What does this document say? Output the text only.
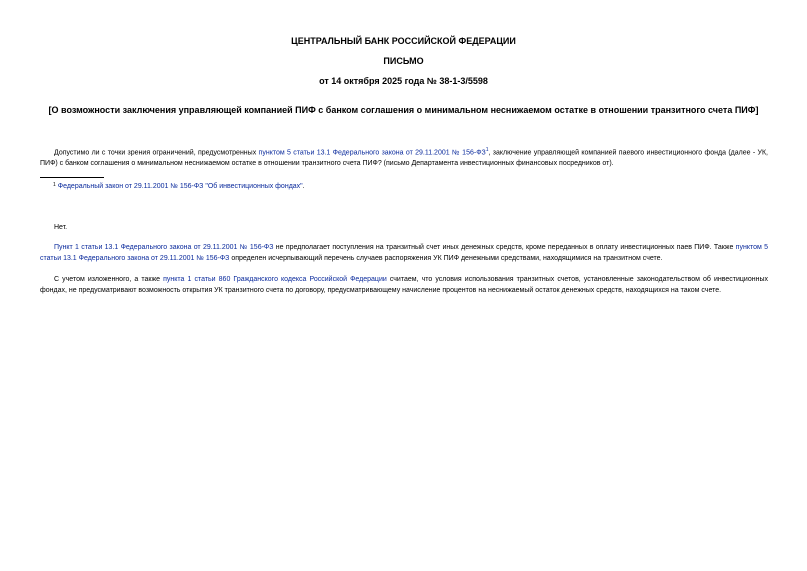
ЦЕНТРАЛЬНЫЙ БАНК РОССИЙСКОЙ ФЕДЕРАЦИИ
ПИСЬМО
от 14 октября 2025 года № 38-1-3/5598
[О возможности заключения управляющей компанией ПИФ с банком соглашения о минимальном неснижаемом остатке в отношении транзитного счета ПИФ]
Допустимо ли с точки зрения ограничений, предусмотренных пунктом 5 статьи 13.1 Федерального закона от 29.11.2001 № $156-ФЗ^1$, заключение управляющей компанией паевого инвестиционного фонда (далее - УК, ПИФ) с банком соглашения о минимальном неснижаемом остатке в отношении транзитного счета ПИФ? (письмо Департамента инвестиционных финансовых посредников от).
$^1$ Федеральный закон от 29.11.2001 № 156-ФЗ "Об инвестиционных фондах".
Нет.
Пункт 1 статьи 13.1 Федерального закона от 29.11.2001 № 156-ФЗ не предполагает поступления на транзитный счет иных денежных средств, кроме переданных в оплату инвестиционных паев ПИФ. Также пунктом 5 статьи 13.1 Федерального закона от 29.11.2001 № 156-ФЗ определен исчерпывающий перечень случаев распоряжения УК ПИФ денежными средствами, находящимися на транзитном счете.
С учетом изложенного, а также пункта 1 статьи 860 Гражданского кодекса Российской Федерации считаем, что условия использования транзитных счетов, установленные законодательством об инвестиционных фондах, не предусматривают возможность открытия УК транзитного счета по договору, предусматривающему начисление процентов на неснижаемый остаток денежных средств, находящихся на таком счете.
